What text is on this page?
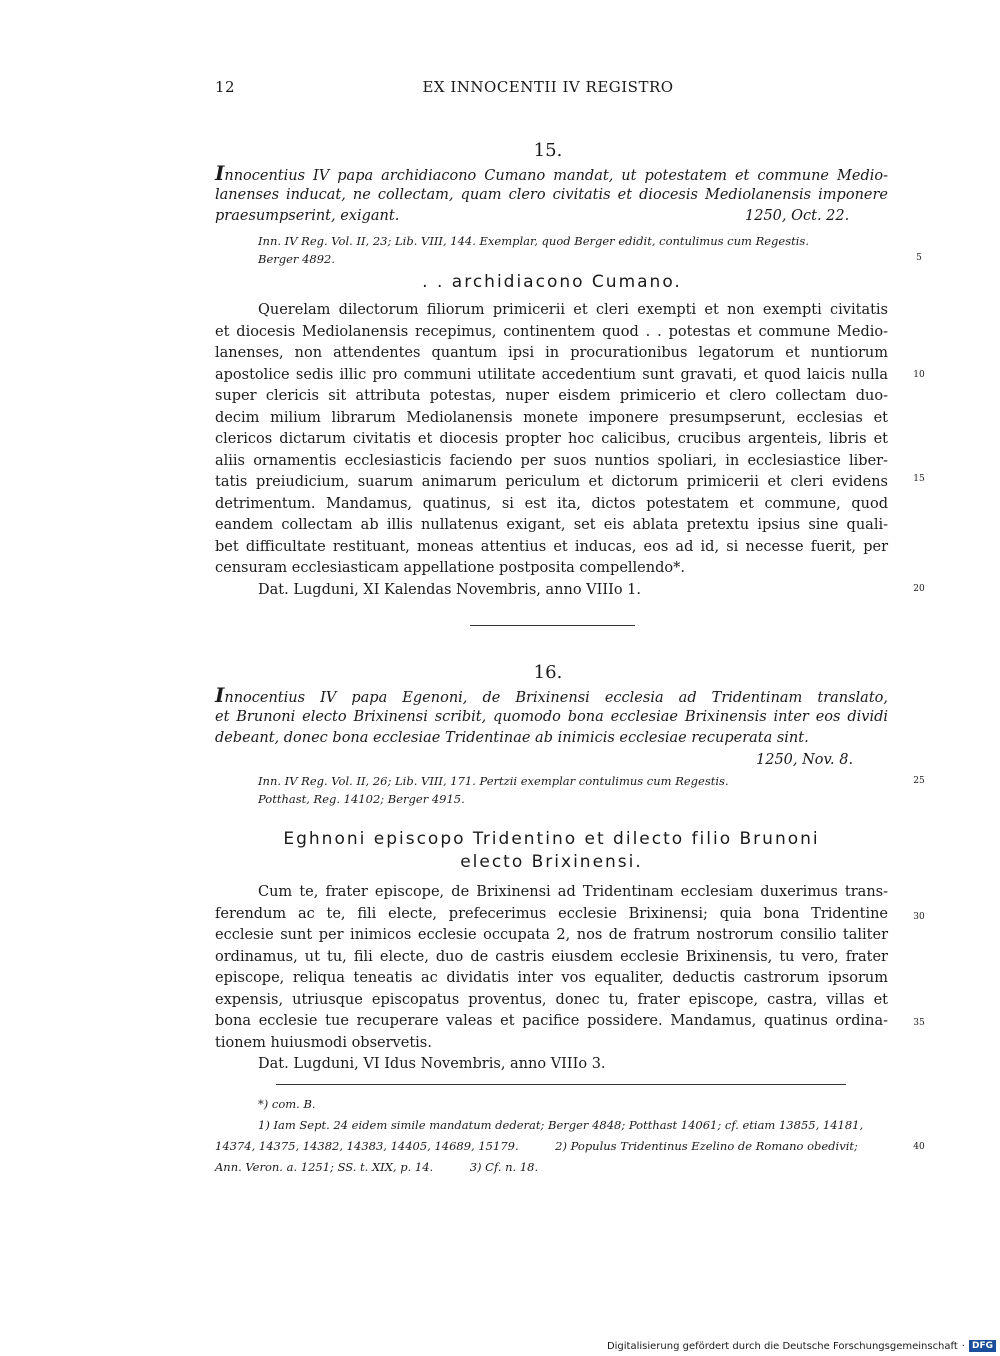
12	EX INNOCENTII IV REGISTRO
15.
Innocentius IV papa archidiacono Cumano mandat, ut potestatem et commune Medio-
lanenses inducat, ne collectam, quam clero civitatis et diocesis Mediolanensis imponere
praesumpserint, exigant.	1250, Oct. 22.
Inn. IV Reg. Vol. II, 23; Lib. VIII, 144. Exemplar, quod Berger edidit, contulimus cum Regestis.
Berger 4892.
. . archidiacono Cumano.
Querelam dilectorum filiorum primicerii et cleri exempti et non exempti civitatis
et diocesis Mediolanensis recepimus, continentem quod . . potestas et commune Medio-
lanenses, non attendentes quantum ipsi in procurationibus legatorum et nuntiorum
apostolice sedis illic pro communi utilitate accedentium sunt gravati, et quod laicis nulla
super clericis sit attributa potestas, nuper eisdem primicerio et clero collectam duo-
decim milium librarum Mediolanensis monete imponere presumpserunt, ecclesias et
clericos dictarum civitatis et diocesis propter hoc calicibus, crucibus argenteis, libris et
aliis ornamentis ecclesiasticis faciendo per suos nuntios spoliari, in ecclesiastice liber-
tatis preiudicium, suarum animarum periculum et dictorum primicerii et cleri evidens
detrimentum. Mandamus, quatinus, si est ita, dictos potestatem et commune, quod
eandem collectam ab illis nullatenus exigant, set eis ablata pretextu ipsius sine quali-
bet difficultate restituant, moneas attentius et inducas, eos ad id, si necesse fuerit, per
censuram ecclesiasticam appellatione postposita compellendo*.
Dat. Lugduni, XI Kalendas Novembris, anno VIIIo 1.
16.
Innocentius IV papa Egenoni, de Brixinensi ecclesia ad Tridentinam translato,
et Brunoni electo Brixinensi scribit, quomodo bona ecclesiae Brixinensis inter eos dividi
debeant, donec bona ecclesiae Tridentinae ab inimicis ecclesiae recuperata sint.
1250, Nov. 8.
Inn. IV Reg. Vol. II, 26; Lib. VIII, 171. Pertzii exemplar contulimus cum Regestis.
Potthast, Reg. 14102; Berger 4915.
Eghnoni episcopo Tridentino et dilecto filio Brunoni
electo Brixinensi.
Cum te, frater episcope, de Brixinensi ad Tridentinam ecclesiam duxerimus trans-
ferendum ac te, fili electe, prefecerimus ecclesie Brixinensi; quia bona Tridentine
ecclesie sunt per inimicos ecclesie occupata 2, nos de fratrum nostrorum consilio taliter
ordinamus, ut tu, fili electe, duo de castris eiusdem ecclesie Brixinensis, tu vero, frater
episcope, reliqua teneatis ac dividatis inter vos equaliter, deductis castrorum ipsorum
expensis, utriusque episcopatus proventus, donec tu, frater episcope, castra, villas et
bona ecclesie tue recuperare valeas et pacifice possidere. Mandamus, quatinus ordina-
tionem huiusmodi observetis.
Dat. Lugduni, VI Idus Novembris, anno VIIIo 3.
*) com. B.
1) Iam Sept. 24 eidem simile mandatum dederat; Berger 4848; Potthast 14061; cf. etiam 13855, 14181,
14374, 14375, 14382, 14383, 14405, 14689, 15179.          2) Populus Tridentinus Ezelino de Romano obedivit;
Ann. Veron. a. 1251; SS. t. XIX, p. 14.          3) Cf. n. 18.
5
10
15
20
25
30
35
40
Digitalisierung gefördert durch die Deutsche Forschungsgemeinschaft · DFG
